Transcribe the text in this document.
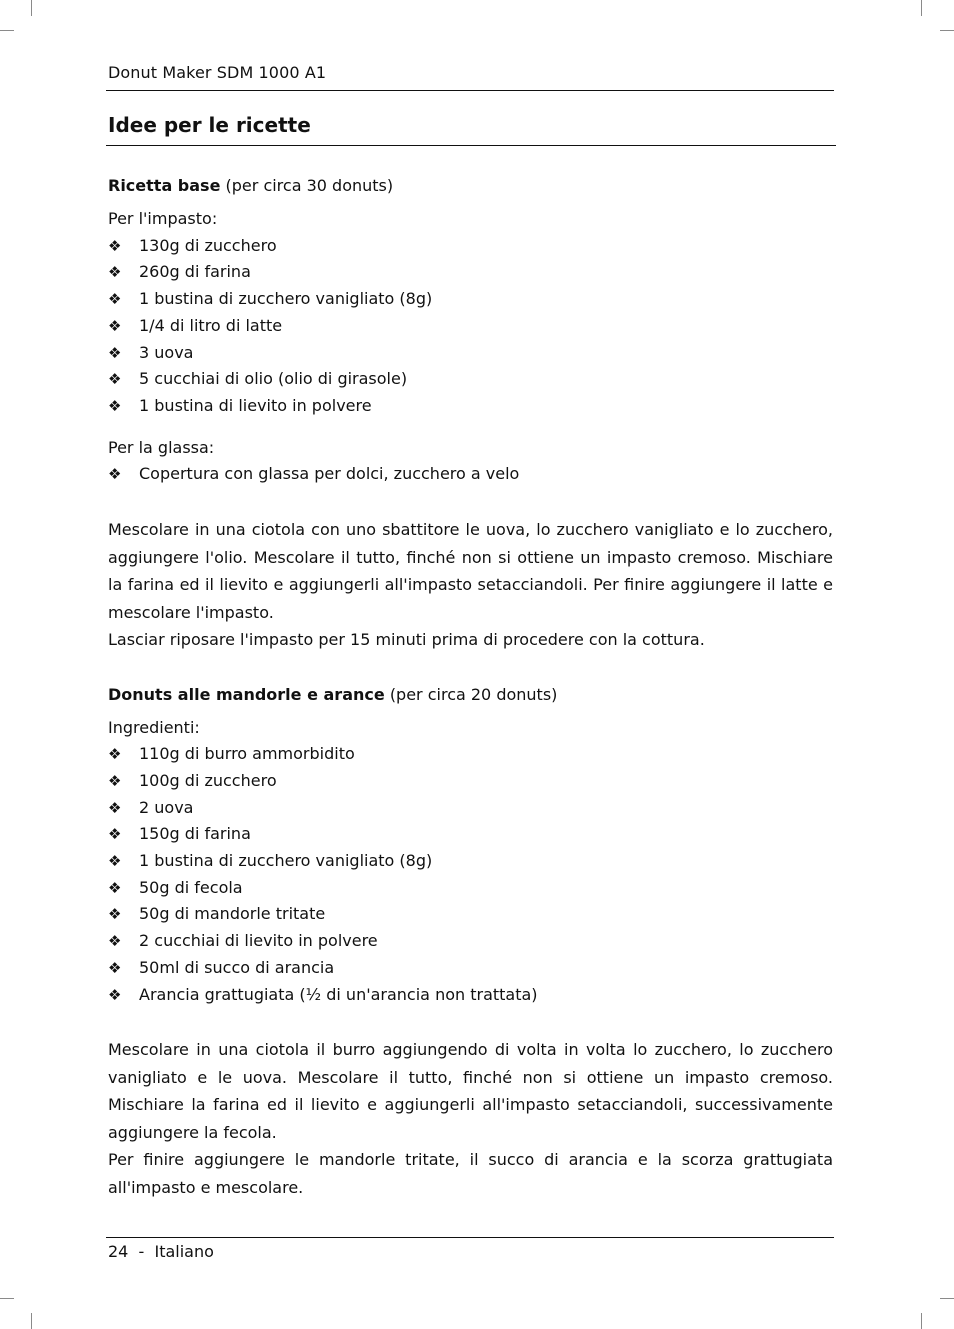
Donut Maker SDM 1000 A1
Idee per le ricette

Ricetta base (per circa 30 donuts)

Per l'impasto:
❖ 130g di zucchero
❖ 260g di farina
❖ 1 bustina di zucchero vanigliato (8g)
❖ 1/4 di litro di latte
❖ 3 uova
❖ 5 cucchiai di olio (olio di girasole)
❖ 1 bustina di lievito in polvere
Per la glassa:
❖ Copertura con glassa per dolci, zucchero a velo

Mescolare in una ciotola con uno sbattitore le uova, lo zucchero vanigliato e lo zucchero, aggiungere l'olio. Mescolare il tutto, finché non si ottiene un impasto cremoso. Mischiare la farina ed il lievito e aggiungerli all'impasto setacciandoli. Per finire aggiungere il latte e mescolare l'impasto.

Lasciar riposare l'impasto per 15 minuti prima di procedere con la cottura.

Donuts alle mandorle e arance (per circa 20 donuts)

Ingredienti:
❖ 110g di burro ammorbidito
❖ 100g di zucchero
❖ 2 uova
❖ 150g di farina
❖ 1 bustina di zucchero vanigliato (8g)
❖ 50g di fecola
❖ 50g di mandorle tritate
❖ 2 cucchiai di lievito in polvere
❖ 50ml di succo di arancia
❖ Arancia grattugiata (½ di un'arancia non trattata)

Mescolare in una ciotola il burro aggiungendo di volta in volta lo zucchero, lo zucchero vanigliato e le uova. Mescolare il tutto, finché non si ottiene un impasto cremoso. Mischiare la farina ed il lievito e aggiungerli all'impasto setacciandoli, successivamente aggiungere la fecola.

Per finire aggiungere le mandorle tritate, il succo di arancia e la scorza grattugiata all'impasto e mescolare.

24 - Italiano
